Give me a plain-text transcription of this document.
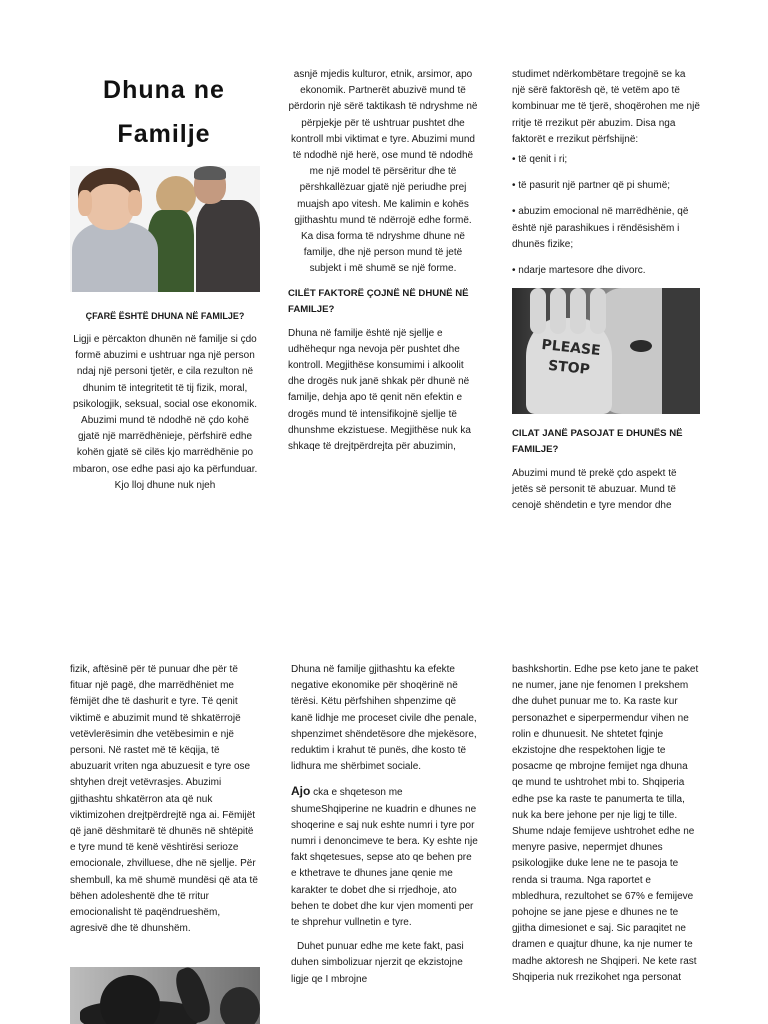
Dhuna ne
Familje
ÇFARË ËSHTË DHUNA NË FAMILJE?

Ligji e përcakton dhunën në familje si çdo formë abuzimi e ushtruar nga një person ndaj një personi tjetër, e cila rezulton në dhunim të integritetit të tij fizik, moral, psikologjik, seksual, social ose ekonomik. Abuzimi mund të ndodhë në çdo kohë gjatë një marrëdhënieje, përfshirë edhe kohën gjatë së cilës kjo marrëdhënie po mbaron, ose edhe pasi ajo ka përfunduar. Kjo lloj dhune nuk njeh

asnjë mjedis kulturor, etnik, arsimor, apo ekonomik. Partnerët abuzivë mund të përdorin një sërë taktikash të ndryshme në përpjekje për të ushtruar pushtet dhe kontroll mbi viktimat e tyre. Abuzimi mund të ndodhë një herë, ose mund të ndodhë me një model të përsëritur dhe të përshkallëzuar gjatë një periudhe prej muajsh apo vitesh. Me kalimin e kohës gjithashtu mund të ndërrojë edhe formë. Ka disa forma të ndryshme dhune në familje, dhe një person mund të jetë subjekt i më shumë se një forme.

CILËT FAKTORË ÇOJNË NË DHUNË NË FAMILJE?

Dhuna në familje është një sjellje e udhëhequr nga nevoja për pushtet dhe kontroll. Megjithëse konsumimi i alkoolit dhe drogës nuk janë shkak për dhunë në familje, dehja apo të qenit nën efektin e drogës mund të intensifikojnë sjellje të dhunshme ekzistuese. Megjithëse nuk ka shkaqe të drejtpërdrejta për abuzimin,

studimet ndërkombëtare tregojnë se ka një sërë faktorësh që, të vetëm apo të kombinuar me të tjerë, shoqërohen me një rritje të rrezikut për abuzim. Disa nga faktorët e rrezikut përfshijnë:

• të qenit i ri;
• të pasurit një partner që pi shumë;
• abuzim emocional në marrëdhënie, që është një parashikues i rëndësishëm i dhunës fizike;
• ndarje martesore dhe divorc.
PLEASE STOP
CILAT JANË PASOJAT E DHUNËS NË FAMILJE?

Abuzimi mund të prekë çdo aspekt të jetës së personit të abuzuar. Mund të cenojë shëndetin e tyre mendor dhe

fizik, aftësinë për të punuar dhe për të fituar një pagë, dhe marrëdhëniet me fëmijët dhe të dashurit e tyre. Të qenit viktimë e abuzimit mund të shkatërrojë vetëvlerësimin dhe vetëbesimin e një personi. Në rastet më të këqija, të abuzuarit vriten nga abuzuesit e tyre ose shtyhen drejt vetëvrasjes. Abuzimi gjithashtu shkatërron ata që nuk viktimizohen drejtpërdrejtë nga ai. Fëmijët që janë dëshmitarë të dhunës në shtëpitë e tyre mund të kenë vështirësi serioze emocionale, zhvilluese, dhe në sjellje. Për shembull, ka më shumë mundësi që ata të bëhen adoleshentë dhe të rritur emocionalisht të paqëndrueshëm, agresivë dhe të dhunshëm.

Dhuna në familje gjithashtu ka efekte negative ekonomike për shoqërinë në tërësi. Këtu përfshihen shpenzime që kanë lidhje me proceset civile dhe penale, shpenzimet shëndetësore dhe mjekësore, reduktim i krahut të punës, dhe kosto të lidhura me shërbimet sociale.

Ajo cka e shqeteson me shumeShqiperine ne kuadrin e dhunes ne shoqerine e saj nuk eshte numri i tyre por numri i denoncimeve te bera. Ky eshte nje fakt shqetesues, sepse ato qe behen pre e kthetrave te dhunes jane qenie me karakter te dobet dhe si rrjedhoje, ato behen te dobet dhe kur vjen momenti per te shprehur vullnetin e tyre.

Duhet punuar edhe me kete fakt, pasi duhen simbolizuar njerzit qe ekzistojne ligje qe I mbrojne

bashkshortin. Edhe pse keto jane te paket ne numer, jane nje fenomen I prekshem dhe duhet punuar me to. Ka raste kur personazhet e siperpermendur vihen ne rolin e dhunuesit. Ne shtetet fqinje ekzistojne dhe respektohen ligje te posacme qe mbrojne femijet nga dhuna qe mund te ushtrohet mbi to. Shqiperia edhe pse ka raste te panumerta te tilla, nuk ka bere jehone per nje ligj te tille. Shume ndaje femijeve ushtrohet edhe ne menyre pasive, nepermjet dhunes psikologjike duke lene ne te pasoja te renda si trauma. Nga raportet e mbledhura, rezultohet se 67% e femijeve pohojne se jane pjese e dhunes ne te gjitha dimesionet e saj. Sic paraqitet ne dramen e quajtur dhune, ka nje numer te madhe aktoresh ne Shqiperi. Ne kete rast Shqiperia nuk rrezikohet nga personat
